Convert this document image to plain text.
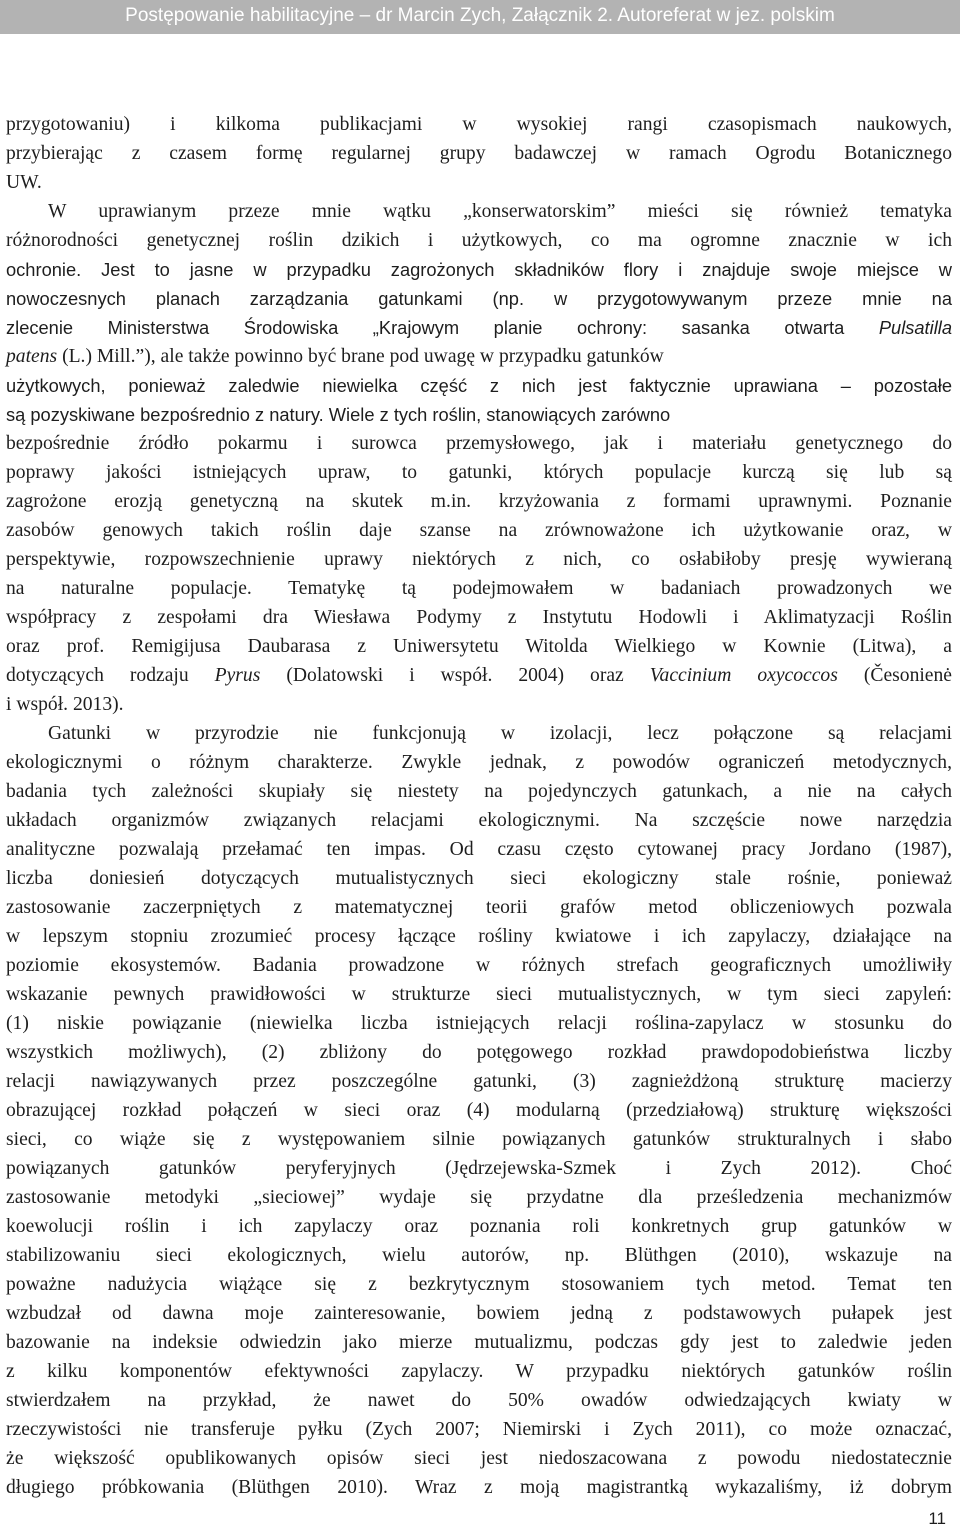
Postępowanie habilitacyjne – dr Marcin Zych, Załącznik 2. Autoreferat w jez. polskim
przygotowaniu) i kilkoma publikacjami w wysokiej rangi czasopismach naukowych,
przybierając z czasem formę regularnej grupy badawczej w ramach Ogrodu Botanicznego
UW.
W uprawianym przeze mnie wątku „konserwatorskim” mieści się również tematyka
różnorodności genetycznej roślin dzikich i użytkowych, co ma ogromne znacznie w ich
ochronie. Jest to jasne w przypadku zagrożonych składników flory i znajduje swoje miejsce w
nowoczesnych planach zarządzania gatunkami (np. w przygotowywanym przeze mnie na
zlecenie Ministerstwa Środowiska „Krajowym planie ochrony: sasanka otwarta Pulsatilla
patens (L.) Mill.”), ale także powinno być brane pod uwagę w przypadku gatunków
użytkowych, ponieważ zaledwie niewielka część z nich jest faktycznie uprawiana – pozostałe
są pozyskiwane bezpośrednio z natury. Wiele z tych roślin, stanowiących zarówno
bezpośrednie źródło pokarmu i surowca przemysłowego, jak i materiału genetycznego do
poprawy jakości istniejących upraw, to gatunki, których populacje kurczą się lub są
zagrożone erozją genetyczną na skutek m.in. krzyżowania z formami uprawnymi. Poznanie
zasobów genowych takich roślin daje szanse na zrównoważone ich użytkowanie oraz, w
perspektywie, rozpowszechnienie uprawy niektórych z nich, co osłabiłoby presję wywieraną
na naturalne populacje. Tematykę tą podejmowałem w badaniach prowadzonych we
współpracy z zespołami dra Wiesława Podymy z Instytutu Hodowli i Aklimatyzacji Roślin
oraz prof. Remigijusa Daubarasa z Uniwersytetu Witolda Wielkiego w Kownie (Litwa), a
dotyczących rodzaju Pyrus (Dolatowski i współ. 2004) oraz Vaccinium oxycoccos (Česonienė
i współ. 2013).
Gatunki w przyrodzie nie funkcjonują w izolacji, lecz połączone są relacjami
ekologicznymi o różnym charakterze. Zwykle jednak, z powodów ograniczeń metodycznych,
badania tych zależności skupiały się niestety na pojedynczych gatunkach, a nie na całych
układach organizmów związanych relacjami ekologicznymi. Na szczęście nowe narzędzia
analityczne pozwalają przełamać ten impas. Od czasu często cytowanej pracy Jordano (1987),
liczba doniesień dotyczących mutualistycznych sieci ekologiczny stale rośnie, ponieważ
zastosowanie zaczerpniętych z matematycznej teorii grafów metod obliczeniowych pozwala
w lepszym stopniu zrozumieć procesy łączące rośliny kwiatowe i ich zapylaczy, działające na
poziomie ekosystemów. Badania prowadzone w różnych strefach geograficznych umożliwiły
wskazanie pewnych prawidłowości w strukturze sieci mutualistycznych, w tym sieci zapyleń:
(1) niskie powiązanie (niewielka liczba istniejących relacji roślina-zapylacz w stosunku do
wszystkich możliwych), (2) zbliżony do potęgowego rozkład prawdopodobieństwa liczby
relacji nawiązywanych przez poszczególne gatunki, (3) zagnieżdżoną strukturę macierzy
obrazującej rozkład połączeń w sieci oraz (4) modularną (przedziałową) strukturę większości
sieci, co wiąże się z występowaniem silnie powiązanych gatunków strukturalnych i słabo
powiązanych gatunków peryferyjnych (Jędrzejewska-Szmek i Zych 2012). Choć
zastosowanie metodyki „sieciowej” wydaje się przydatne dla prześledzenia mechanizmów
koewolucji roślin i ich zapylaczy oraz poznania roli konkretnych grup gatunków w
stabilizowaniu sieci ekologicznych, wielu autorów, np. Blüthgen (2010), wskazuje na
poważne nadużycia wiążące się z bezkrytycznym stosowaniem tych metod. Temat ten
wzbudzał od dawna moje zainteresowanie, bowiem jedną z podstawowych pułapek jest
bazowanie na indeksie odwiedzin jako mierze mutualizmu, podczas gdy jest to zaledwie jeden
z kilku komponentów efektywności zapylaczy. W przypadku niektórych gatunków roślin
stwierdzałem na przykład, że nawet do 50% owadów odwiedzających kwiaty w
rzeczywistości nie transferuje pyłku (Zych 2007; Niemirski i Zych 2011), co może oznaczać,
że większość opublikowanych opisów sieci jest niedoszacowana z powodu niedostatecznie
długiego próbkowania (Blüthgen 2010). Wraz z moją magistrantką wykazaliśmy, iż dobrym
11
